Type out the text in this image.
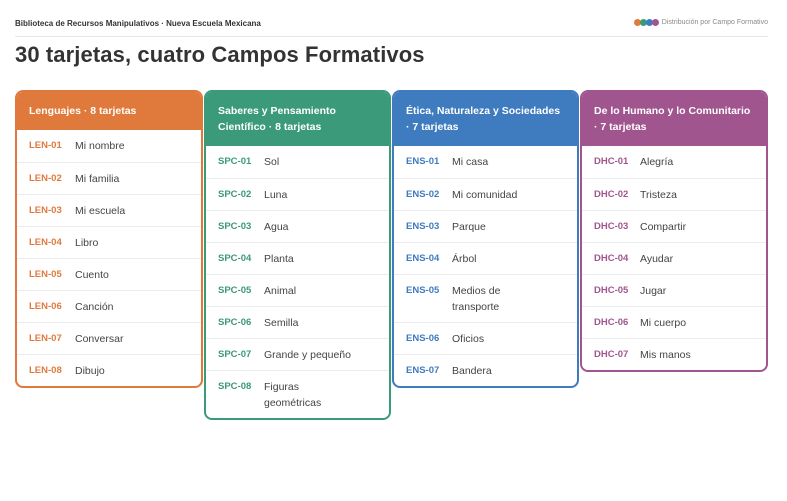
Biblioteca de Recursos Manipulativos · Nueva Escuela Mexicana	Distribución por Campo Formativo
30 tarjetas, cuatro Campos Formativos
Lenguajes · 8 tarjetas
LEN-01	Mi nombre
LEN-02	Mi familia
LEN-03	Mi escuela
LEN-04	Libro
LEN-05	Cuento
LEN-06	Canción
LEN-07	Conversar
LEN-08	Dibujo
Saberes y Pensamiento Científico · 8 tarjetas
SPC-01	Sol
SPC-02	Luna
SPC-03	Agua
SPC-04	Planta
SPC-05	Animal
SPC-06	Semilla
SPC-07	Grande y pequeño
SPC-08	Figuras geométricas
Ética, Naturaleza y Sociedades · 7 tarjetas
ENS-01	Mi casa
ENS-02	Mi comunidad
ENS-03	Parque
ENS-04	Árbol
ENS-05	Medios de transporte
ENS-06	Oficios
ENS-07	Bandera
De lo Humano y lo Comunitario · 7 tarjetas
DHC-01	Alegría
DHC-02	Tristeza
DHC-03	Compartir
DHC-04	Ayudar
DHC-05	Jugar
DHC-06	Mi cuerpo
DHC-07	Mis manos
